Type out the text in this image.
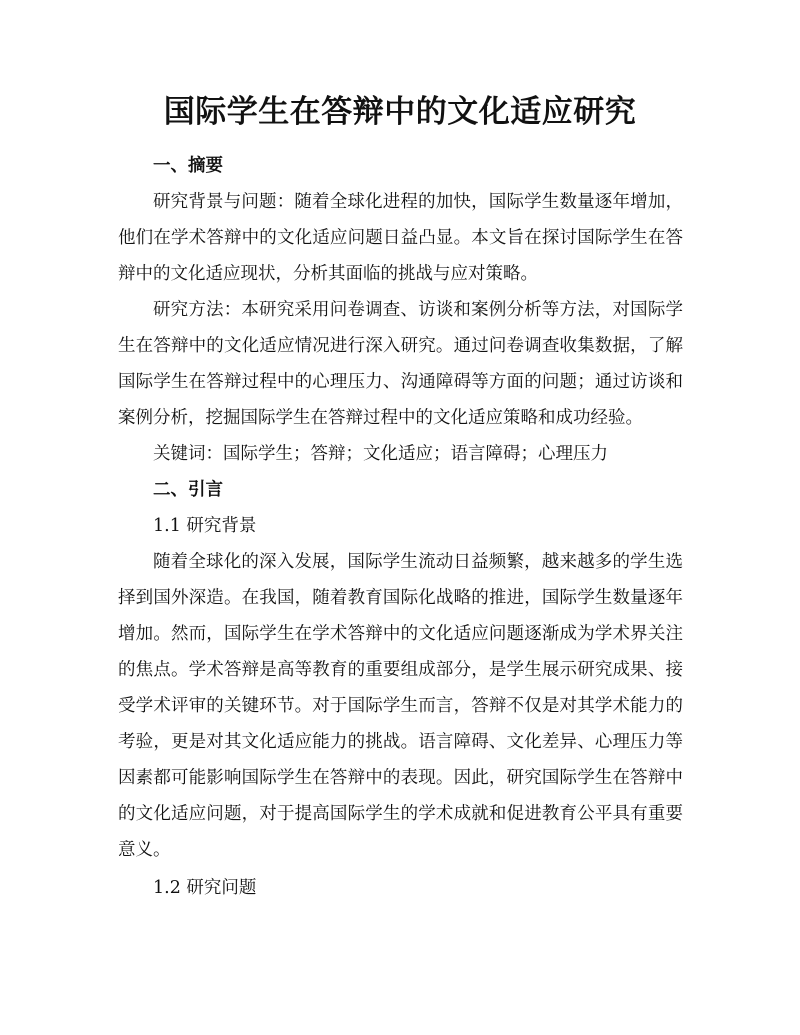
国际学生在答辩中的文化适应研究

一、摘要

研究背景与问题：随着全球化进程的加快，国际学生数量逐年增加，他们在学术答辩中的文化适应问题日益凸显。本文旨在探讨国际学生在答辩中的文化适应现状，分析其面临的挑战与应对策略。

研究方法：本研究采用问卷调查、访谈和案例分析等方法，对国际学生在答辩中的文化适应情况进行深入研究。通过问卷调查收集数据，了解国际学生在答辩过程中的心理压力、沟通障碍等方面的问题；通过访谈和案例分析，挖掘国际学生在答辩过程中的文化适应策略和成功经验。

关键词：国际学生；答辩；文化适应；语言障碍；心理压力

二、引言

1.1 研究背景

随着全球化的深入发展，国际学生流动日益频繁，越来越多的学生选择到国外深造。在我国，随着教育国际化战略的推进，国际学生数量逐年增加。然而，国际学生在学术答辩中的文化适应问题逐渐成为学术界关注的焦点。学术答辩是高等教育的重要组成部分，是学生展示研究成果、接受学术评审的关键环节。对于国际学生而言，答辩不仅是对其学术能力的考验，更是对其文化适应能力的挑战。语言障碍、文化差异、心理压力等因素都可能影响国际学生在答辩中的表现。因此，研究国际学生在答辩中的文化适应问题，对于提高国际学生的学术成就和促进教育公平具有重要意义。

1.2 研究问题
